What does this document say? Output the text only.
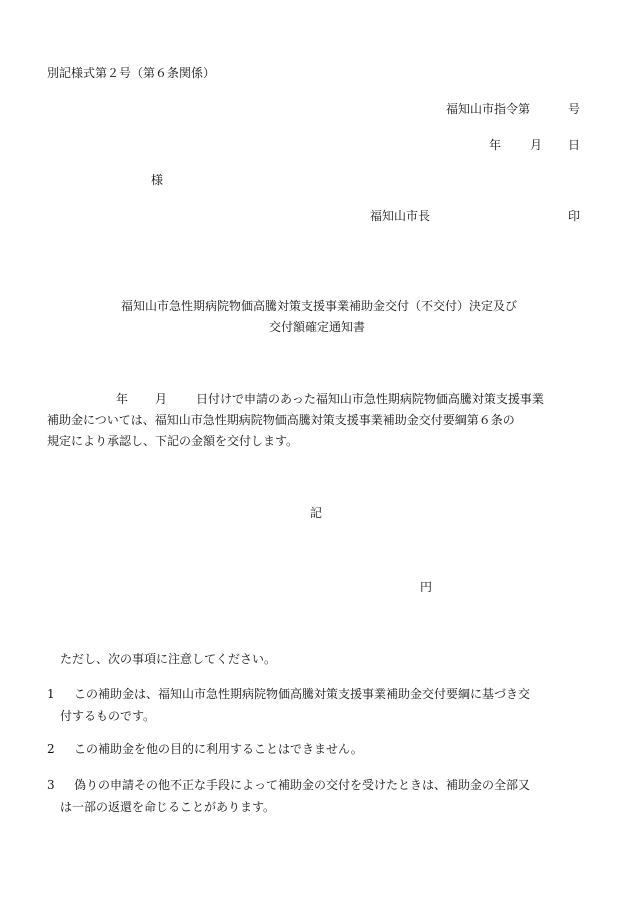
別記様式第２号（第６条関係）
福知山市指令第	号
年 月 日
様
福知山市長	印
福知山市急性期病院物価高騰対策支援事業補助金交付（不交付）決定及び
交付額確定通知書
年 月 日付けで申請のあった福知山市急性期病院物価高騰対策支援事業
補助金については、福知山市急性期病院物価高騰対策支援事業補助金交付要綱第６条の
規定により承認し、下記の金額を交付します。
記
円
ただし、次の事項に注意してください。
1 この補助金は、福知山市急性期病院物価高騰対策支援事業補助金交付要綱に基づき交
付するものです。
2 この補助金を他の目的に利用することはできません。
3 偽りの申請その他不正な手段によって補助金の交付を受けたときは、補助金の全部又
は一部の返還を命じることがあります。
